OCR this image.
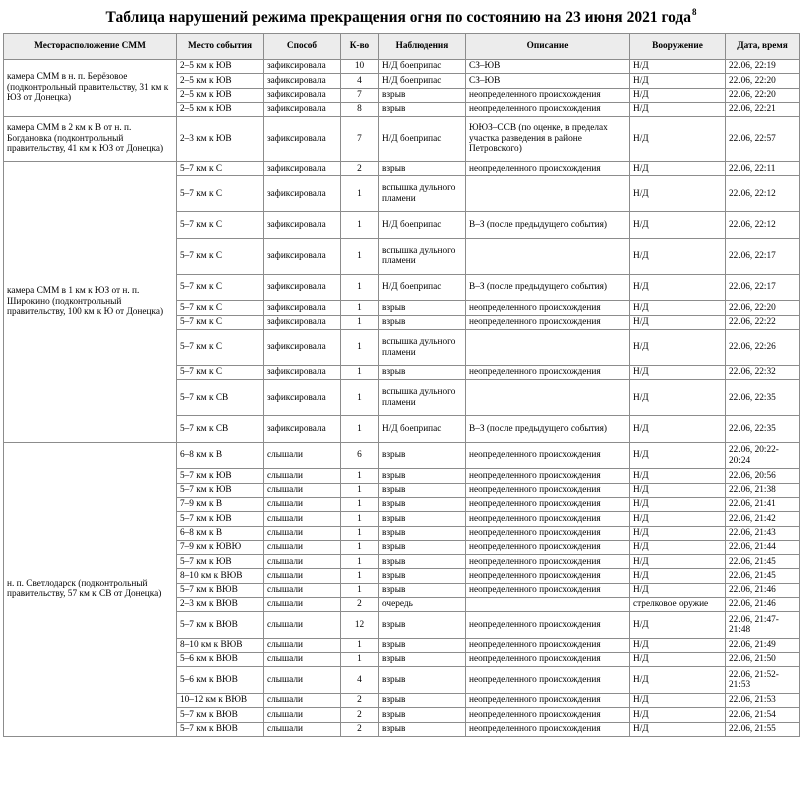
Таблица нарушений режима прекращения огня по состоянию на 23 июня 2021 года$^8$
Месторасположение СММ	Место события	Способ	К-во	Наблюдения	Описание	Вооружение	Дата, время
камера СММ в н. п. Берёзовое (подконтрольный правительству, 31 км к ЮЗ от Донецка)	2–5 км к ЮВ	зафиксировала	10	Н/Д боеприпас	СЗ–ЮВ	Н/Д	22.06, 22:19
	2–5 км к ЮВ	зафиксировала	4	Н/Д боеприпас	СЗ–ЮВ	Н/Д	22.06, 22:20
	2–5 км к ЮВ	зафиксировала	7	взрыв	неопределенного происхождения	Н/Д	22.06, 22:20
	2–5 км к ЮВ	зафиксировала	8	взрыв	неопределенного происхождения	Н/Д	22.06, 22:21
камера СММ в 2 км к В от н. п. Богдановка (подконтрольный правительству, 41 км к ЮЗ от Донецка)	2–3 км к ЮВ	зафиксировала	7	Н/Д боеприпас	ЮЮЗ–ССВ (по оценке, в пределах участка разведения в районе Петровского)	Н/Д	22.06, 22:57
камера СММ в 1 км к ЮЗ от н. п. Широкино (подконтрольный правительству, 100 км к Ю от Донецка)	5–7 км к С	зафиксировала	2	взрыв	неопределенного происхождения	Н/Д	22.06, 22:11
	5–7 км к С	зафиксировала	1	вспышка дульного пламени		Н/Д	22.06, 22:12
	5–7 км к С	зафиксировала	1	Н/Д боеприпас	В–З (после предыдущего события)	Н/Д	22.06, 22:12
	5–7 км к С	зафиксировала	1	вспышка дульного пламени		Н/Д	22.06, 22:17
	5–7 км к С	зафиксировала	1	Н/Д боеприпас	В–З (после предыдущего события)	Н/Д	22.06, 22:17
	5–7 км к С	зафиксировала	1	взрыв	неопределенного происхождения	Н/Д	22.06, 22:20
	5–7 км к С	зафиксировала	1	взрыв	неопределенного происхождения	Н/Д	22.06, 22:22
	5–7 км к С	зафиксировала	1	вспышка дульного пламени		Н/Д	22.06, 22:26
	5–7 км к С	зафиксировала	1	взрыв	неопределенного происхождения	Н/Д	22.06, 22:32
	5–7 км к СВ	зафиксировала	1	вспышка дульного пламени		Н/Д	22.06, 22:35
	5–7 км к СВ	зафиксировала	1	Н/Д боеприпас	В–З (после предыдущего события)	Н/Д	22.06, 22:35
н. п. Светлодарск (подконтрольный правительству, 57 км к СВ от Донецка)	6–8 км к В	слышали	6	взрыв	неопределенного происхождения	Н/Д	22.06, 20:22-20:24
	5–7 км к ЮВ	слышали	1	взрыв	неопределенного происхождения	Н/Д	22.06, 20:56
	5–7 км к ЮВ	слышали	1	взрыв	неопределенного происхождения	Н/Д	22.06, 21:38
	7–9 км к В	слышали	1	взрыв	неопределенного происхождения	Н/Д	22.06, 21:41
	5–7 км к ЮВ	слышали	1	взрыв	неопределенного происхождения	Н/Д	22.06, 21:42
	6–8 км к В	слышали	1	взрыв	неопределенного происхождения	Н/Д	22.06, 21:43
	7–9 км к ЮВЮ	слышали	1	взрыв	неопределенного происхождения	Н/Д	22.06, 21:44
	5–7 км к ЮВ	слышали	1	взрыв	неопределенного происхождения	Н/Д	22.06, 21:45
	8–10 км к ВЮВ	слышали	1	взрыв	неопределенного происхождения	Н/Д	22.06, 21:45
	5–7 км к ВЮВ	слышали	1	взрыв	неопределенного происхождения	Н/Д	22.06, 21:46
	2–3 км к ВЮВ	слышали	2	очередь		стрелковое оружие	22.06, 21:46
	5–7 км к ВЮВ	слышали	12	взрыв	неопределенного происхождения	Н/Д	22.06, 21:47-21:48
	8–10 км к ВЮВ	слышали	1	взрыв	неопределенного происхождения	Н/Д	22.06, 21:49
	5–6 км к ВЮВ	слышали	1	взрыв	неопределенного происхождения	Н/Д	22.06, 21:50
	5–6 км к ВЮВ	слышали	4	взрыв	неопределенного происхождения	Н/Д	22.06, 21:52-21:53
	10–12 км к ВЮВ	слышали	2	взрыв	неопределенного происхождения	Н/Д	22.06, 21:53
	5–7 км к ВЮВ	слышали	2	взрыв	неопределенного происхождения	Н/Д	22.06, 21:54
	5–7 км к ВЮВ	слышали	2	взрыв	неопределенного происхождения	Н/Д	22.06, 21:55
